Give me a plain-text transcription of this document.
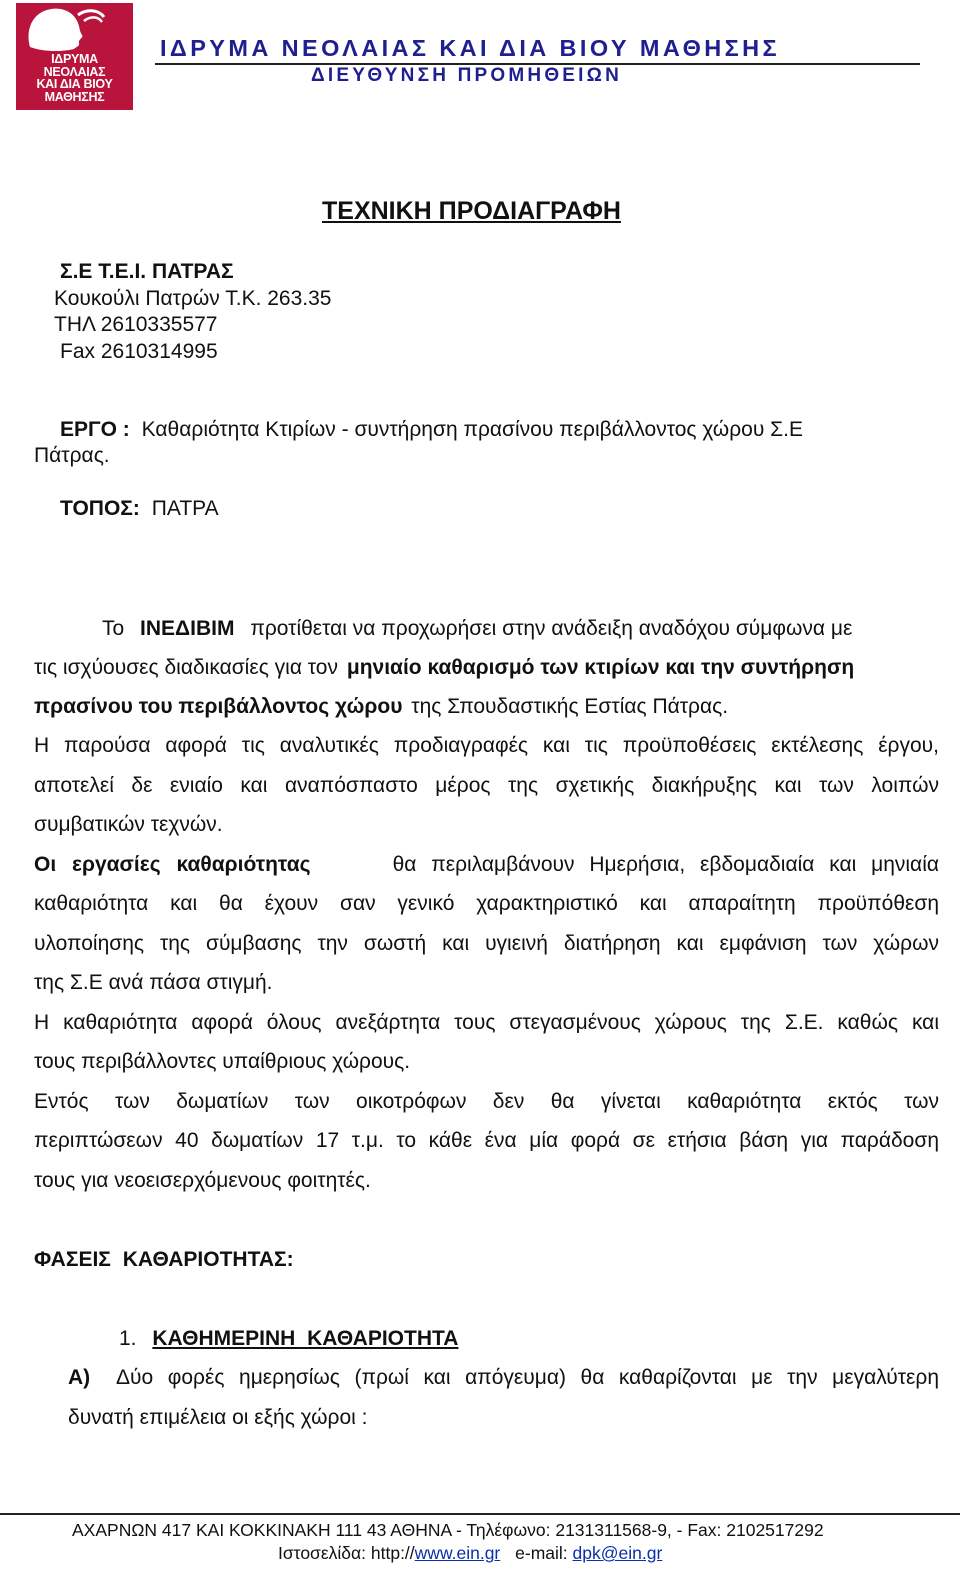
ΙΔΡΥΜΑ
ΝΕΟΛΑΙΑΣ
ΚΑΙ ΔΙΑ ΒΙΟΥ
ΜΑΘΗΣΗΣ
ΙΔΡΥΜΑ ΝΕΟΛΑΙΑΣ ΚΑΙ ΔΙΑ ΒΙΟΥ ΜΑΘΗΣΗΣ
ΔΙΕΥΘΥΝΣΗ ΠΡΟΜΗΘΕΙΩΝ
ΤΕΧΝΙΚΗ ΠΡΟΔΙΑΓΡΑΦΗ
Σ.Ε Τ.Ε.Ι. ΠΑΤΡΑΣ
Κουκούλι Πατρών Τ.Κ. 263.35
ΤΗΛ 2610335577
Fax 2610314995
ΕΡΓΟ : Καθαριότητα Κτιρίων - συντήρηση πρασίνου περιβάλλοντος χώρου Σ.Ε
Πάτρας.
ΤΟΠΟΣ: ΠΑΤΡΑ
Το ΙΝΕΔΙΒΙΜ προτίθεται να προχωρήσει στην ανάδειξη αναδόχου σύμφωνα με
τις ισχύουσες διαδικασίες για τον μηνιαίο καθαρισμό των κτιρίων και την συντήρηση
πρασίνου του περιβάλλοντος χώρου της Σπουδαστικής Εστίας Πάτρας.
Η παρούσα αφορά τις αναλυτικές προδιαγραφές και τις προϋποθέσεις εκτέλεσης έργου,
αποτελεί δε ενιαίο και αναπόσπαστο μέρος της σχετικής διακήρυξης και των λοιπών
συμβατικών τεχνών.
Οι εργασίες καθαριότητας	θα περιλαμβάνουν Ημερήσια, εβδομαδιαία και μηνιαία
καθαριότητα και θα έχουν σαν γενικό χαρακτηριστικό και απαραίτητη προϋπόθεση
υλοποίησης της σύμβασης την σωστή και υγιεινή διατήρηση και εμφάνιση των χώρων
της Σ.Ε ανά πάσα στιγμή.
Η καθαριότητα αφορά όλους ανεξάρτητα τους στεγασμένους χώρους της Σ.Ε. καθώς και
τους περιβάλλοντες υπαίθριους χώρους.
Εντός των δωματίων των οικοτρόφων δεν θα γίνεται καθαριότητα εκτός των
περιπτώσεων 40 δωματίων 17 τ.μ. το κάθε ένα μία φορά σε ετήσια βάση για παράδοση
τους για νεοεισερχόμενους φοιτητές.
ΦΑΣΕΙΣ ΚΑΘΑΡΙΟΤΗΤΑΣ:
1. ΚΑΘΗΜΕΡΙΝΗ ΚΑΘΑΡΙΟΤΗΤΑ
Α) Δύο φορές ημερησίως (πρωί και απόγευμα) θα καθαρίζονται με την μεγαλύτερη
δυνατή επιμέλεια οι εξής χώροι :
ΑΧΑΡΝΩΝ 417 ΚΑΙ ΚΟΚΚΙΝΑΚΗ 111 43 ΑΘΗΝΑ - Τηλέφωνο: 2131311568-9, - Fax: 2102517292
Ιστοσελίδα: http://www.ein.gr e-mail: dpk@ein.gr
